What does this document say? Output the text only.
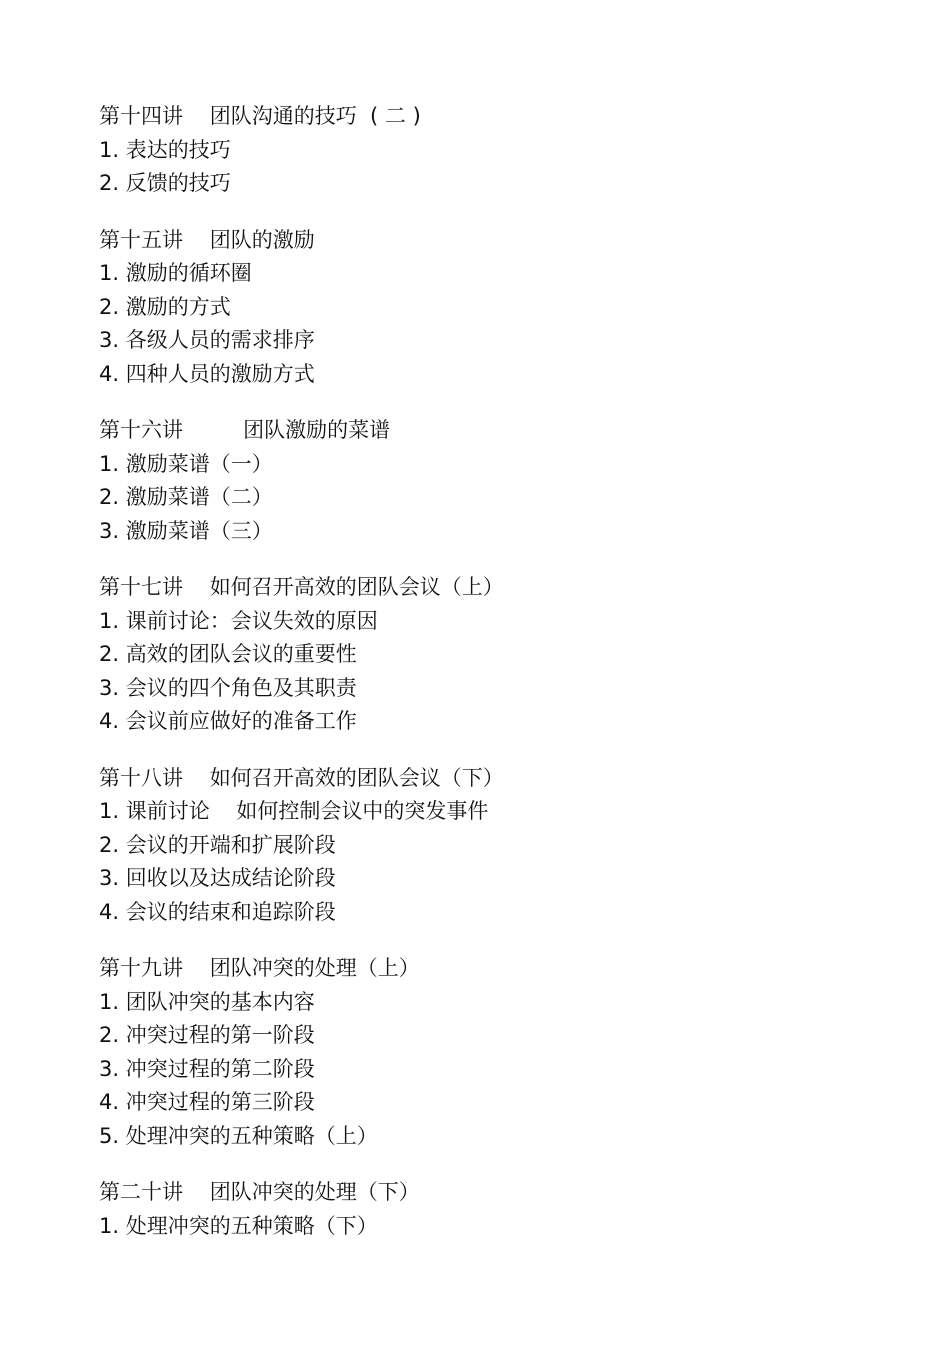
第十四讲    团队沟通的技巧  ( 二 )
1. 表达的技巧
2. 反馈的技巧
第十五讲    团队的激励
1. 激励的循环圈
2. 激励的方式
3. 各级人员的需求排序
4. 四种人员的激励方式
第十六讲         团队激励的菜谱
1. 激励菜谱（一）
2. 激励菜谱（二）
3. 激励菜谱（三）
第十七讲    如何召开高效的团队会议（上）
1. 课前讨论：会议失效的原因
2. 高效的团队会议的重要性
3. 会议的四个角色及其职责
4. 会议前应做好的准备工作
第十八讲    如何召开高效的团队会议（下）
1. 课前讨论    如何控制会议中的突发事件
2. 会议的开端和扩展阶段
3. 回收以及达成结论阶段
4. 会议的结束和追踪阶段
第十九讲    团队冲突的处理（上）
1. 团队冲突的基本内容
2. 冲突过程的第一阶段
3. 冲突过程的第二阶段
4. 冲突过程的第三阶段
5. 处理冲突的五种策略（上）
第二十讲    团队冲突的处理（下）
1. 处理冲突的五种策略（下）
